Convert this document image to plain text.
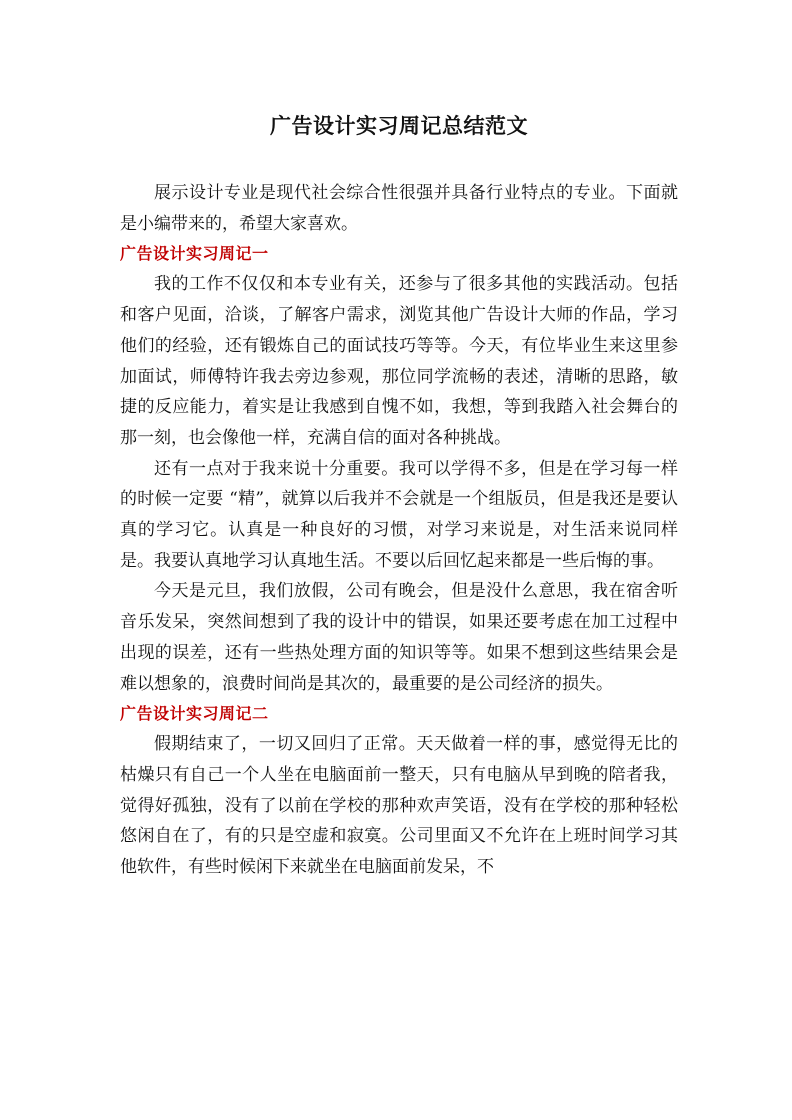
广告设计实习周记总结范文

展示设计专业是现代社会综合性很强并具备行业特点的专业。下面就是小编带来的，希望大家喜欢。

广告设计实习周记一

我的工作不仅仅和本专业有关，还参与了很多其他的实践活动。包括和客户见面，洽谈，了解客户需求，浏览其他广告设计大师的作品，学习他们的经验，还有锻炼自己的面试技巧等等。今天，有位毕业生来这里参加面试，师傅特许我去旁边参观，那位同学流畅的表述，清晰的思路，敏捷的反应能力，着实是让我感到自愧不如，我想，等到我踏入社会舞台的那一刻，也会像他一样，充满自信的面对各种挑战。

还有一点对于我来说十分重要。我可以学得不多，但是在学习每一样的时候一定要 “精”，就算以后我并不会就是一个组版员，但是我还是要认真的学习它。认真是一种良好的习惯，对学习来说是，对生活来说同样是。我要认真地学习认真地生活。不要以后回忆起来都是一些后悔的事。

今天是元旦，我们放假，公司有晚会，但是没什么意思，我在宿舍听音乐发呆，突然间想到了我的设计中的错误，如果还要考虑在加工过程中出现的误差，还有一些热处理方面的知识等等。如果不想到这些结果会是难以想象的，浪费时间尚是其次的，最重要的是公司经济的损失。

广告设计实习周记二

假期结束了，一切又回归了正常。天天做着一样的事，感觉得无比的枯燥只有自己一个人坐在电脑面前一整天，只有电脑从早到晚的陪者我，觉得好孤独，没有了以前在学校的那种欢声笑语，没有在学校的那种轻松悠闲自在了，有的只是空虚和寂寞。公司里面又不允许在上班时间学习其他软件，有些时候闲下来就坐在电脑面前发呆，不
